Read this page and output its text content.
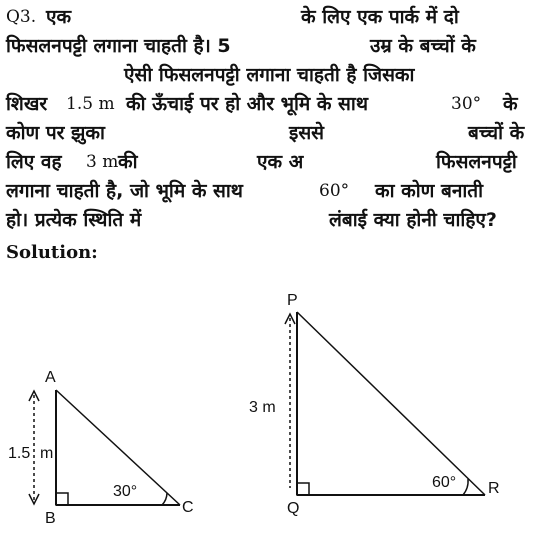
Q3. एक	के लिए एक पार्क में दो
फिसलनपट्टी लगाना चाहती है। 5	उम्र के बच्चों के
ऐसी फिसलनपट्टी लगाना चाहती है जिसका
शिखर 1.5 m की ऊँचाई पर हो और भूमि के साथ	30° के
कोण पर झुका	इससे	बच्चों के
लिए वह 3 m की	एक अ	फिसलनपट्टी
लगाना चाहती है, जो भूमि के साथ	60° का कोण बनाती
हो। प्रत्येक स्थिति में	लंबाई क्या होनी चाहिए?
Solution:
A
B
C
1.5 m
30°
P
Q
R
3 m
60°
